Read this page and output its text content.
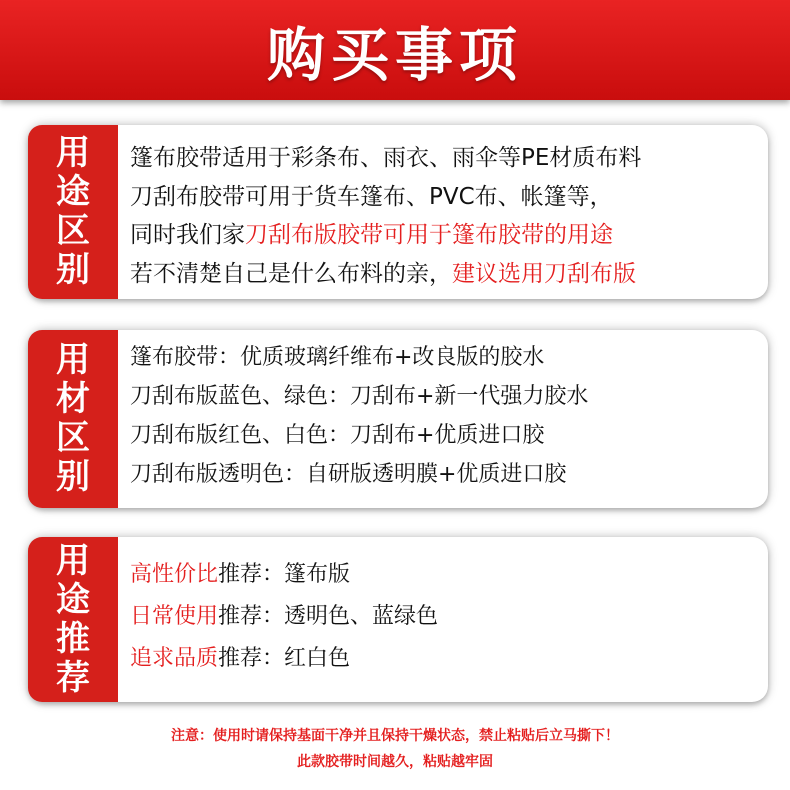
购买事项
用
途
区
别
篷布胶带适用于彩条布、雨衣、雨伞等PE材质布料
刀刮布胶带可用于货车篷布、PVC布、帐篷等，
同时我们家刀刮布版胶带可用于篷布胶带的用途
若不清楚自己是什么布料的亲，建议选用刀刮布版
用
材
区
别
篷布胶带：优质玻璃纤维布+改良版的胶水
刀刮布版蓝色、绿色：刀刮布+新一代强力胶水
刀刮布版红色、白色：刀刮布+优质进口胶
刀刮布版透明色：自研版透明膜+优质进口胶
用
途
推
荐
高性价比推荐：篷布版
日常使用推荐：透明色、蓝绿色
追求品质推荐：红白色
注意：使用时请保持基面干净并且保持干燥状态，禁止粘贴后立马撕下！
此款胶带时间越久，粘贴越牢固
